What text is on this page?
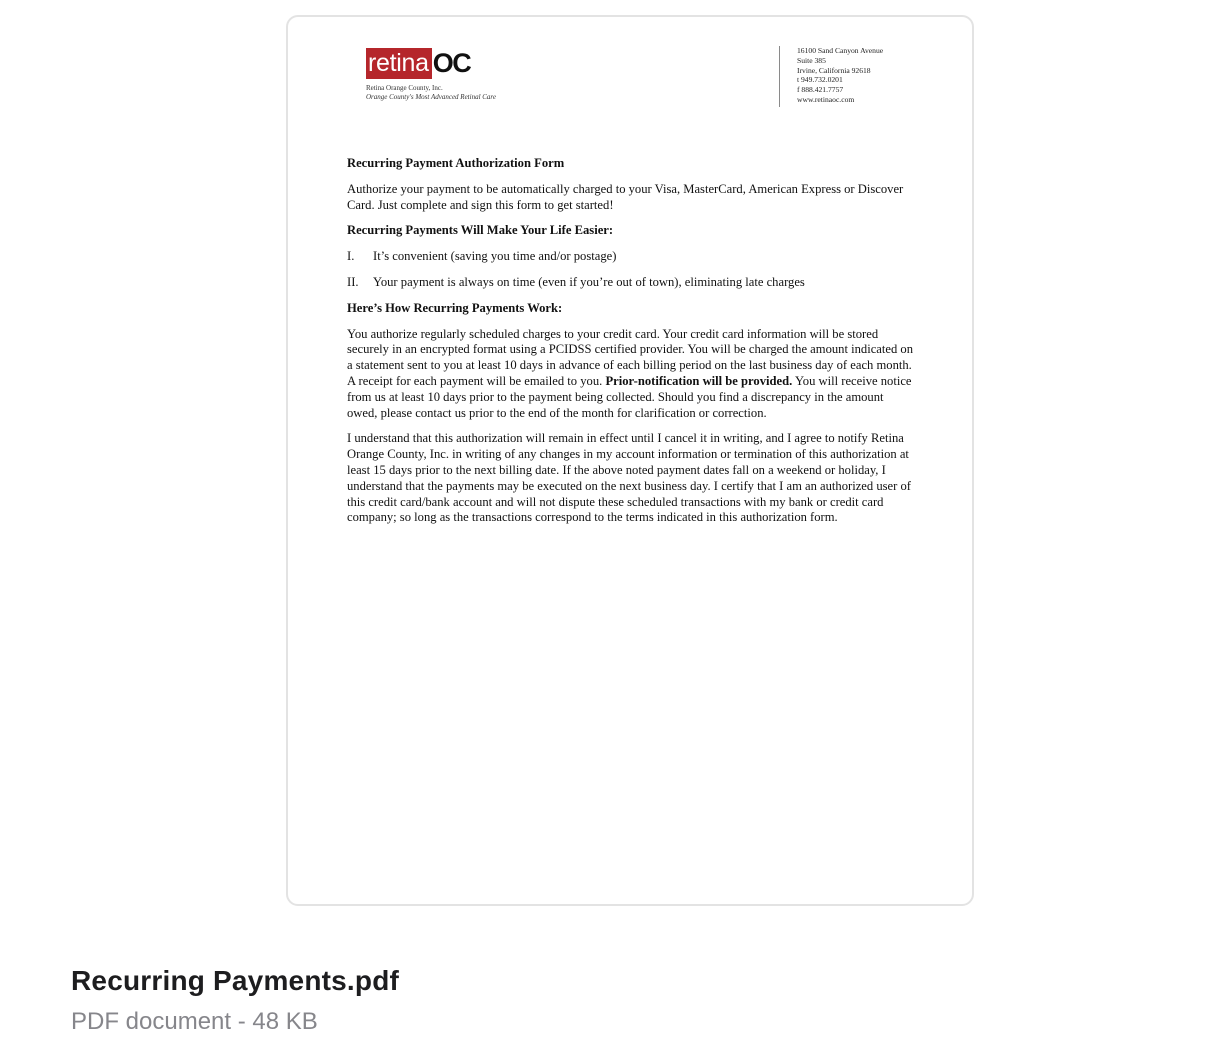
retina OC
Retina Orange County, Inc.
Orange County's Most Advanced Retinal Care
16100 Sand Canyon Avenue
Suite 385
Irvine, California 92618
t 949.732.0201
f 888.421.7757
www.retinaoc.com

Recurring Payment Authorization Form

Authorize your payment to be automatically charged to your Visa, MasterCard, American Express or Discover Card. Just complete and sign this form to get started!

Recurring Payments Will Make Your Life Easier:

I.	It’s convenient (saving you time and/or postage)
II.	Your payment is always on time (even if you’re out of town), eliminating late charges

Here’s How Recurring Payments Work:

You authorize regularly scheduled charges to your credit card. Your credit card information will be stored securely in an encrypted format using a PCIDSS certified provider. You will be charged the amount indicated on a statement sent to you at least 10 days in advance of each billing period on the last business day of each month. A receipt for each payment will be emailed to you. Prior-notification will be provided. You will receive notice from us at least 10 days prior to the payment being collected. Should you find a discrepancy in the amount owed, please contact us prior to the end of the month for clarification or correction.

I understand that this authorization will remain in effect until I cancel it in writing, and I agree to notify Retina Orange County, Inc. in writing of any changes in my account information or termination of this authorization at least 15 days prior to the next billing date. If the above noted payment dates fall on a weekend or holiday, I understand that the payments may be executed on the next business day. I certify that I am an authorized user of this credit card/bank account and will not dispute these scheduled transactions with my bank or credit card company; so long as the transactions correspond to the terms indicated in this authorization form.

Recurring Payments.pdf
PDF document - 48 KB
